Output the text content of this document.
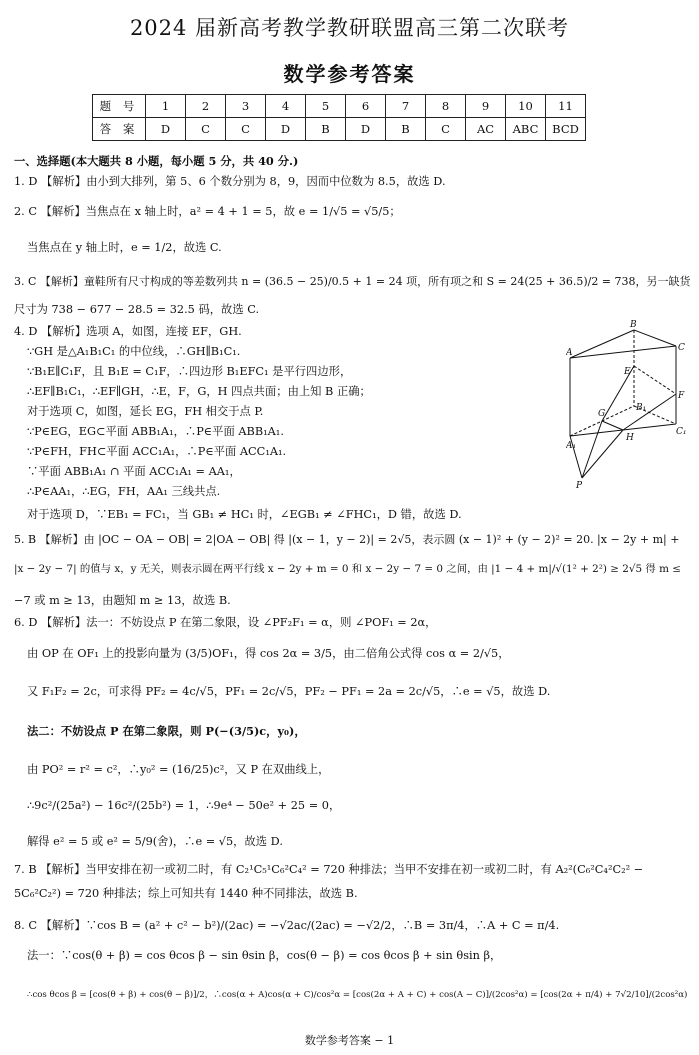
2024 届新高考教学教研联盟高三第二次联考
数学参考答案
题 号	1	2	3	4	5	6	7	8	9	10	11
答 案	D	C	C	D	B	D	B	C	AC	ABC	BCD
一、选择题(本大题共 8 小题，每小题 5 分，共 40 分.)
1. D 【解析】由小到大排列，第 5、6 个数分别为 8，9，因而中位数为 8.5，故选 D.
2. C 【解析】当焦点在 x 轴上时，a² = 4 + 1 = 5，故 e = 1/√5 = √5/5；
当焦点在 y 轴上时，e = 1/2，故选 C.
3. C 【解析】童鞋所有尺寸构成的等差数列共 n = (36.5 − 25)/0.5 + 1 = 24 项，所有项之和 S = 24(25 + 36.5)/2 = 738，另一缺货
尺寸为 738 − 677 − 28.5 = 32.5 码，故选 C.
4. D 【解析】选项 A，如图，连接 EF，GH.
∵GH 是△A₁B₁C₁ 的中位线，∴GH∥B₁C₁.
∵B₁E∥C₁F，且 B₁E = C₁F，∴四边形 B₁EFC₁ 是平行四边形，
∴EF∥B₁C₁，∴EF∥GH，∴E，F，G，H 四点共面；由上知 B 正确；
对于选项 C，如图，延长 EG，FH 相交于点 P.
∵P∈EG，EG⊂平面 ABB₁A₁，∴P∈平面 ABB₁A₁.
∵P∈FH，FH⊂平面 ACC₁A₁，∴P∈平面 ACC₁A₁.
∵平面 ABB₁A₁ ∩ 平面 ACC₁A₁ = AA₁，
∴P∈AA₁，∴EG，FH，AA₁ 三线共点.
对于选项 D，∵EB₁ = FC₁，当 GB₁ ≠ HC₁ 时，∠EGB₁ ≠ ∠FHC₁，D 错，故选 D.
5. B 【解析】由 |OC − OA − OB| = 2|OA − OB| 得 |(x − 1，y − 2)| = 2√5，表示圆 (x − 1)² + (y − 2)² = 20. |x − 2y + m| +
|x − 2y − 7| 的值与 x，y 无关，则表示圆在两平行线 x − 2y + m = 0 和 x − 2y − 7 = 0 之间，由 |1 − 4 + m|/√(1² + 2²) ≥ 2√5 得 m ≤
−7 或 m ≥ 13，由题知 m ≥ 13，故选 B.
6. D 【解析】法一：不妨设点 P 在第二象限，设 ∠PF₂F₁ = α，则 ∠POF₁ = 2α，
由 OP 在 OF₁ 上的投影向量为 (3/5)OF₁，得 cos 2α = 3/5，由二倍角公式得 cos α = 2/√5，
又 F₁F₂ = 2c，可求得 PF₂ = 4c/√5，PF₁ = 2c/√5，PF₂ − PF₁ = 2a = 2c/√5，∴e = √5，故选 D.
法二：不妨设点 P 在第二象限，则 P(−(3/5)c，y₀)，
由 PO² = r² = c²，∴y₀² = (16/25)c²，又 P 在双曲线上，
∴9c²/(25a²) − 16c²/(25b²) = 1，∴9e⁴ − 50e² + 25 = 0，
解得 e² = 5 或 e² = 5/9(舍)，∴e = √5，故选 D.
7. B 【解析】当甲安排在初一或初二时，有 C₂¹C₅¹C₆²C₄² = 720 种排法；当甲不安排在初一或初二时，有 A₂²(C₆²C₄²C₂² −
5C₆²C₂²) = 720 种排法；综上可知共有 1440 种不同排法，故选 B.
8. C 【解析】∵cos B = (a² + c² − b²)/(2ac) = −√2ac/(2ac) = −√2/2，∴B = 3π/4，∴A + C = π/4.
法一：∵cos(θ + β) = cos θcos β − sin θsin β，cos(θ − β) = cos θcos β + sin θsin β，
∴cos θcos β = [cos(θ + β) + cos(θ − β)]/2，∴cos(α + A)cos(α + C)/cos²α = [cos(2α + A + C) + cos(A − C)]/(2cos²α) = [cos(2α + π/4) + 7√2/10]/(2cos²α)
B
C
A
E
F
G
B₁
C₁
A₁
H
P
数学参考答案 − 1
